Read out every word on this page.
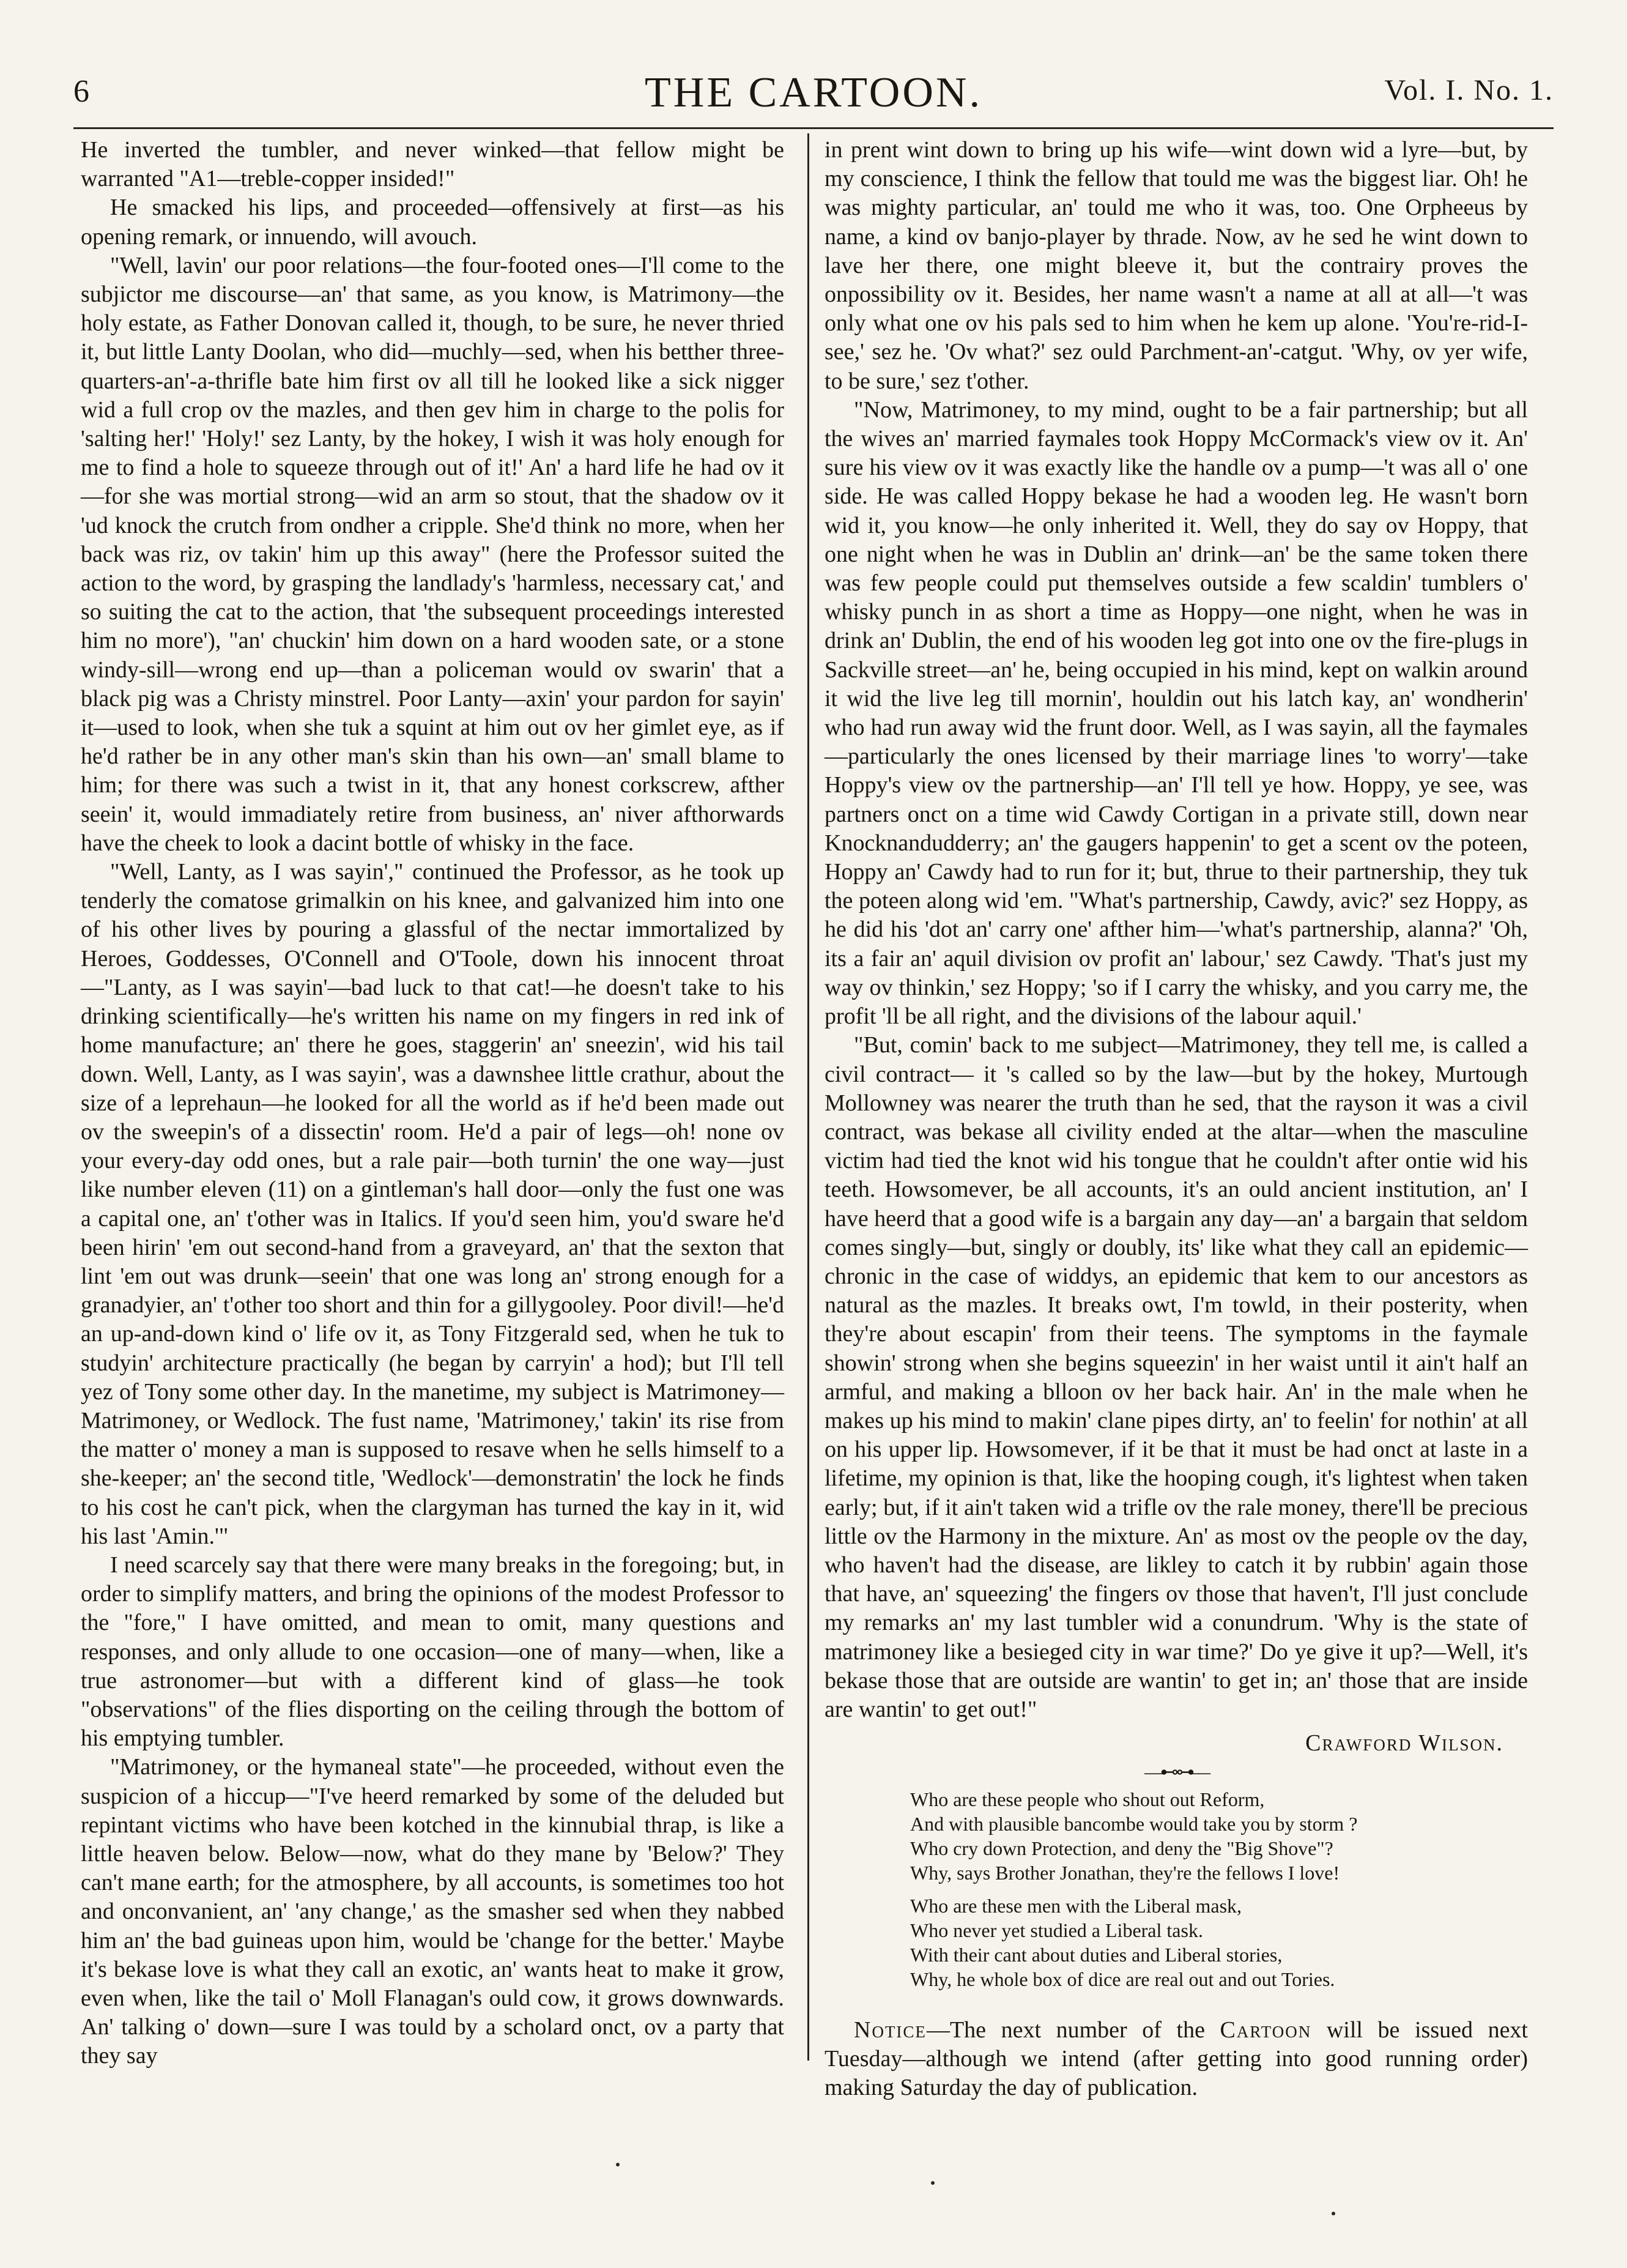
6	THE CARTOON.	Vol. I. No. 1.

He inverted the tumbler, and never winked—that fellow might be warranted "A1—treble-copper insided!"

He smacked his lips, and proceeded—offensively at first—as his opening remark, or innuendo, will avouch.

"Well, lavin' our poor relations—the four-footed ones—I'll come to the subjictor me discourse—an' that same, as you know, is Matrimony—the holy estate, as Father Donovan called it, though, to be sure, he never thried it, but little Lanty Doolan, who did—muchly—sed, when his betther three-quarters-an'-a-thrifle bate him first ov all till he looked like a sick nigger wid a full crop ov the mazles, and then gev him in charge to the polis for 'salting her!' 'Holy!' sez Lanty, by the hokey, I wish it was holy enough for me to find a hole to squeeze through out of it!' An' a hard life he had ov it—for she was mortial strong—wid an arm so stout, that the shadow ov it 'ud knock the crutch from ondher a cripple. She'd think no more, when her back was riz, ov takin' him up this away" (here the Professor suited the action to the word, by grasping the landlady's 'harmless, necessary cat,' and so suiting the cat to the action, that 'the subsequent proceedings interested him no more'), "an' chuckin' him down on a hard wooden sate, or a stone windy-sill—wrong end up—than a policeman would ov swarin' that a black pig was a Christy minstrel. Poor Lanty—axin' your pardon for sayin' it—used to look, when she tuk a squint at him out ov her gimlet eye, as if he'd rather be in any other man's skin than his own—an' small blame to him; for there was such a twist in it, that any honest corkscrew, afther seein' it, would immadiately retire from business, an' niver afthorwards have the cheek to look a dacint bottle of whisky in the face.

"Well, Lanty, as I was sayin'," continued the Professor, as he took up tenderly the comatose grimalkin on his knee, and galvanized him into one of his other lives by pouring a glassful of the nectar immortalized by Heroes, Goddesses, O'Connell and O'Toole, down his innocent throat—"Lanty, as I was sayin'—bad luck to that cat!—he doesn't take to his drinking scientifically—he's written his name on my fingers in red ink of home manufacture; an' there he goes, staggerin' an' sneezin', wid his tail down. Well, Lanty, as I was sayin', was a dawnshee little crathur, about the size of a leprehaun—he looked for all the world as if he'd been made out ov the sweepin's of a dissectin' room. He'd a pair of legs—oh! none ov your every-day odd ones, but a rale pair—both turnin' the one way—just like number eleven (11) on a gintleman's hall door—only the fust one was a capital one, an' t'other was in Italics. If you'd seen him, you'd sware he'd been hirin' 'em out second-hand from a graveyard, an' that the sexton that lint 'em out was drunk—seein' that one was long an' strong enough for a granadyier, an' t'other too short and thin for a gillygooley. Poor divil!—he'd an up-and-down kind o' life ov it, as Tony Fitzgerald sed, when he tuk to studyin' architecture practically (he began by carryin' a hod); but I'll tell yez of Tony some other day. In the manetime, my subject is Matrimoney—Matrimoney, or Wedlock. The fust name, 'Matrimoney,' takin' its rise from the matter o' money a man is supposed to resave when he sells himself to a she-keeper; an' the second title, 'Wedlock'—demonstratin' the lock he finds to his cost he can't pick, when the clargyman has turned the kay in it, wid his last 'Amin.'"

I need scarcely say that there were many breaks in the foregoing; but, in order to simplify matters, and bring the opinions of the modest Professor to the "fore," I have omitted, and mean to omit, many questions and responses, and only allude to one occasion—one of many—when, like a true astronomer—but with a different kind of glass—he took "observations" of the flies disporting on the ceiling through the bottom of his emptying tumbler.

"Matrimoney, or the hymaneal state"—he proceeded, without even the suspicion of a hiccup—"I've heerd remarked by some of the deluded but repintant victims who have been kotched in the kinnubial thrap, is like a little heaven below. Below—now, what do they mane by 'Below?' They can't mane earth; for the atmosphere, by all accounts, is sometimes too hot and onconvanient, an' 'any change,' as the smasher sed when they nabbed him an' the bad guineas upon him, would be 'change for the better.' Maybe it's bekase love is what they call an exotic, an' wants heat to make it grow, even when, like the tail o' Moll Flanagan's ould cow, it grows downwards. An' talking o' down—sure I was tould by a scholard onct, ov a party that they say

in prent wint down to bring up his wife—wint down wid a lyre—but, by my conscience, I think the fellow that tould me was the biggest liar. Oh! he was mighty particular, an' tould me who it was, too. One Orpheeus by name, a kind ov banjo-player by thrade. Now, av he sed he wint down to lave her there, one might bleeve it, but the contrairy proves the onpossibility ov it. Besides, her name wasn't a name at all at all—'t was only what one ov his pals sed to him when he kem up alone. 'You're-rid-I-see,' sez he. 'Ov what?' sez ould Parchment-an'-catgut. 'Why, ov yer wife, to be sure,' sez t'other.

"Now, Matrimoney, to my mind, ought to be a fair partnership; but all the wives an' married faymales took Hoppy McCormack's view ov it. An' sure his view ov it was exactly like the handle ov a pump—'t was all o' one side. He was called Hoppy bekase he had a wooden leg. He wasn't born wid it, you know—he only inherited it. Well, they do say ov Hoppy, that one night when he was in Dublin an' drink—an' be the same token there was few people could put themselves outside a few scaldin' tumblers o' whisky punch in as short a time as Hoppy—one night, when he was in drink an' Dublin, the end of his wooden leg got into one ov the fire-plugs in Sackville street—an' he, being occupied in his mind, kept on walkin around it wid the live leg till mornin', houldin out his latch kay, an' wondherin' who had run away wid the frunt door. Well, as I was sayin, all the faymales—particularly the ones licensed by their marriage lines 'to worry'—take Hoppy's view ov the partnership—an' I'll tell ye how. Hoppy, ye see, was partners onct on a time wid Cawdy Cortigan in a private still, down near Knocknandudderry; an' the gaugers happenin' to get a scent ov the poteen, Hoppy an' Cawdy had to run for it; but, thrue to their partnership, they tuk the poteen along wid 'em. "What's partnership, Cawdy, avic?' sez Hoppy, as he did his 'dot an' carry one' afther him—'what's partnership, alanna?' 'Oh, its a fair an' aquil division ov profit an' labour,' sez Cawdy. 'That's just my way ov thinkin,' sez Hoppy; 'so if I carry the whisky, and you carry me, the profit 'll be all right, and the divisions of the labour aquil.'

"But, comin' back to me subject—Matrimoney, they tell me, is called a civil contract— it 's called so by the law—but by the hokey, Murtough Mollowney was nearer the truth than he sed, that the rayson it was a civil contract, was bekase all civility ended at the altar—when the masculine victim had tied the knot wid his tongue that he couldn't after ontie wid his teeth. Howsomever, be all accounts, it's an ould ancient institution, an' I have heerd that a good wife is a bargain any day—an' a bargain that seldom comes singly—but, singly or doubly, its' like what they call an epidemic—chronic in the case of widdys, an epidemic that kem to our ancestors as natural as the mazles. It breaks owt, I'm towld, in their posterity, when they're about escapin' from their teens. The symptoms in the faymale showin' strong when she begins squeezin' in her waist until it ain't half an armful, and making a blloon ov her back hair. An' in the male when he makes up his mind to makin' clane pipes dirty, an' to feelin' for nothin' at all on his upper lip. Howsomever, if it be that it must be had onct at laste in a lifetime, my opinion is that, like the hooping cough, it's lightest when taken early; but, if it ain't taken wid a trifle ov the rale money, there'll be precious little ov the Harmony in the mixture. An' as most ov the people ov the day, who haven't had the disease, are likley to catch it by rubbin' again those that have, an' squeezing' the fingers ov those that haven't, I'll just conclude my remarks an' my last tumbler wid a conundrum. 'Why is the state of matrimoney like a besieged city in war time?' Do ye give it up?—Well, it's bekase those that are outside are wantin' to get in; an' those that are inside are wantin' to get out!"

Crawford Wilson.

—⊷⊶—

Who are these people who shout out Reform,
And with plausible bancombe would take you by storm ?
Who cry down Protection, and deny the "Big Shove"?
Why, says Brother Jonathan, they're the fellows I love!
Who are these men with the Liberal mask,
Who never yet studied a Liberal task.
With their cant about duties and Liberal stories,
Why, he whole box of dice are real out and out Tories.

Notice—The next number of the Cartoon will be issued next Tuesday—although we intend (after getting into good running order) making Saturday the day of publication.
